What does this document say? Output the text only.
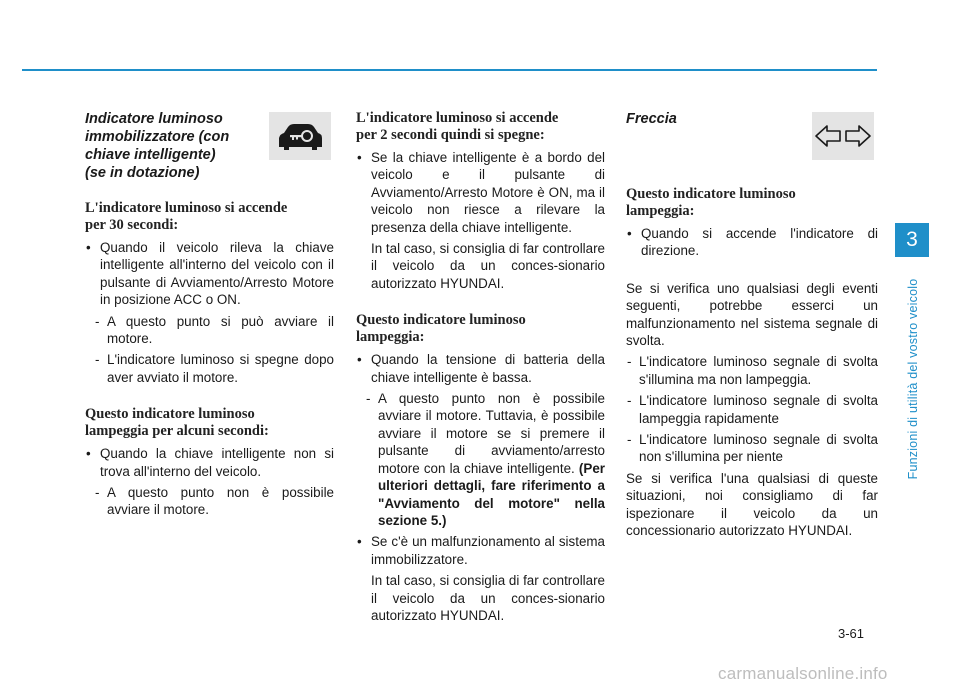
Indicatore luminoso
immobilizzatore (con
chiave intelligente)
(se in dotazione)

L'indicatore luminoso si accende
per 30 secondi:

• Quando il veicolo rileva la chiave intelligente all'interno del veicolo con il pulsante di Avviamento/Arresto Motore in posizione ACC o ON.

- A questo punto si può avviare il motore.

- L'indicatore luminoso si spegne dopo aver avviato il motore.

Questo indicatore luminoso
lampeggia per alcuni secondi:

• Quando la chiave intelligente non si trova all'interno del veicolo.

- A questo punto non è possibile avviare il motore.

L'indicatore luminoso si accende
per 2 secondi quindi si spegne:

• Se la chiave intelligente è a bordo del veicolo e il pulsante di Avviamento/Arresto Motore è ON, ma il veicolo non riesce a rilevare la presenza della chiave intelligente.

In tal caso, si consiglia di far controllare il veicolo da un conces-sionario autorizzato HYUNDAI.

Questo indicatore luminoso
lampeggia:

• Quando la tensione di batteria della chiave intelligente è bassa.

- A questo punto non è possibile avviare il motore. Tuttavia, è possibile avviare il motore se si premere il pulsante di avviamento/arresto motore con la chiave intelligente. (Per ulteriori dettagli, fare riferimento a "Avviamento del motore" nella sezione 5.)

• Se c'è un malfunzionamento al sistema immobilizzatore.

In tal caso, si consiglia di far controllare il veicolo da un conces-sionario autorizzato HYUNDAI.

Freccia

Questo indicatore luminoso
lampeggia:

• Quando si accende l'indicatore di direzione.

Se si verifica uno qualsiasi degli eventi seguenti, potrebbe esserci un malfunzionamento nel sistema segnale di svolta.

- L'indicatore luminoso segnale di svolta s'illumina ma non lampeggia.

- L'indicatore luminoso segnale di svolta lampeggia rapidamente

- L'indicatore luminoso segnale di svolta non s'illumina per niente

Se si verifica l'una qualsiasi di queste situazioni, noi consigliamo di far ispezionare il veicolo da un concessionario autorizzato HYUNDAI.

3
Funzioni di utilità del vostro veicolo
3-61
carmanualsonline.info
